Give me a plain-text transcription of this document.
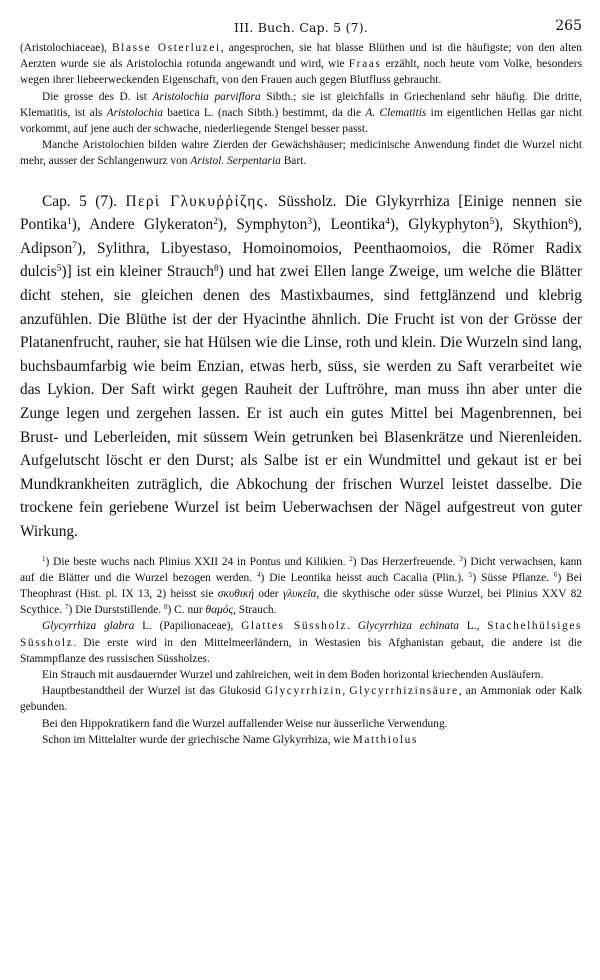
III. Buch. Cap. 5 (7).	265

(Aristolochiaceae), Blasse Osterluzei, angesprochen, sie hat blasse Blüthen und ist die häufigste; von den alten Aerzten wurde sie als Aristolochia rotunda angewandt und wird, wie Fraas erzählt, noch heute vom Volke, besonders wegen ihrer liebeerweckenden Eigenschaft, von den Frauen auch gegen Blutfluss gebraucht.

Die grosse des D. ist Aristolochia parviflora Sibth.; sie ist gleichfalls in Griechenland sehr häufig. Die dritte, Klematitis, ist als Aristolochia baetica L. (nach Sibth.) bestimmt, da die A. Clematitis im eigentlichen Hellas gar nicht vorkommt, auf jene auch der schwache, niederliegende Stengel besser passt.

Manche Aristolochien bilden wahre Zierden der Gewächshäuser; medicinische Anwendung findet die Wurzel nicht mehr, ausser der Schlangenwurz von Aristol. Serpentaria Bart.

Cap. 5 (7). Περὶ Γλυκυῤῥίζης. Süssholz. Die Glykyrrhiza [Einige nennen sie Pontika$^1$), Andere Glykeraton$^2$), Symphyton$^3$), Leontika$^4$), Glykyphyton$^5$), Skythion$^6$), Adipson$^7$), Sylithra, Libyestaso, Homoinomoios, Peenthaomoios, die Römer Radix dulcis$^5$)] ist ein kleiner Strauch$^8$) und hat zwei Ellen lange Zweige, um welche die Blätter dicht stehen, sie gleichen denen des Mastixbaumes, sind fettglänzend und klebrig anzufühlen. Die Blüthe ist der der Hyacinthe ähnlich. Die Frucht ist von der Grösse der Platanenfrucht, rauher, sie hat Hülsen wie die Linse, roth und klein. Die Wurzeln sind lang, buchsbaumfarbig wie beim Enzian, etwas herb, süss, sie werden zu Saft verarbeitet wie das Lykion. Der Saft wirkt gegen Rauheit der Luftröhre, man muss ihn aber unter die Zunge legen und zergehen lassen. Er ist auch ein gutes Mittel bei Magenbrennen, bei Brust- und Leberleiden, mit süssem Wein getrunken bei Blasenkrätze und Nierenleiden. Aufgelutscht löscht er den Durst; als Salbe ist er ein Wundmittel und gekaut ist er bei Mundkrankheiten zuträglich, die Abkochung der frischen Wurzel leistet dasselbe. Die trockene fein geriebene Wurzel ist beim Ueberwachsen der Nägel aufgestreut von guter Wirkung.

$^1$) Die beste wuchs nach Plinius XXII 24 in Pontus und Kilikien. $^2$) Das Herzerfreuende. $^3$) Dicht verwachsen, kann auf die Blätter und die Wurzel bezogen werden. $^4$) Die Leontika heisst auch Cacalia (Plin.). $^5$) Süsse Pflanze. $^6$) Bei Theophrast (Hist. pl. IX 13, 2) heisst sie σκυθική oder γλυκεῖα, die skythische oder süsse Wurzel, bei Plinius XXV 82 Scythice. $^7$) Die Durststillende. $^8$) C. nur θαμός, Strauch.

Glycyrrhiza glabra L. (Papilionaceae), Glattes Süssholz. Glycyrrhiza echinata L., Stachelhülsiges Süssholz. Die erste wird in den Mittelmeerländern, in Westasien bis Afghanistan gebaut, die andere ist die Stammpflanze des russischen Süssholzes.

Ein Strauch mit ausdauernder Wurzel und zahlreichen, weit in dem Boden horizontal kriechenden Ausläufern.

Hauptbestandtheil der Wurzel ist das Glukosid Glycyrrhizin, Glycyrrhizinsäure, an Ammoniak oder Kalk gebunden.

Bei den Hippokratikern fand die Wurzel auffallender Weise nur äusserliche Verwendung.

Schon im Mittelalter wurde der griechische Name Glykyrrhiza, wie Matthiolus
